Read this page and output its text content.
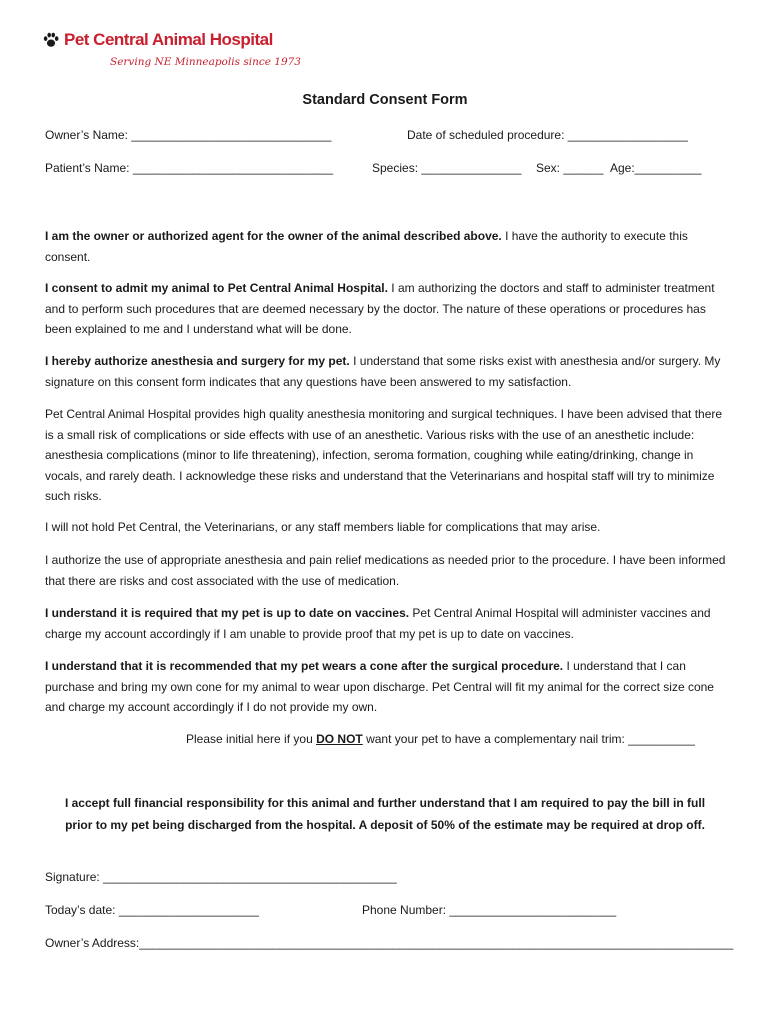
Pet Central Animal Hospital
Serving NE Minneapolis since 1973
Standard Consent Form
Owner’s Name: ______________________________	Date of scheduled procedure: __________________
Patient’s Name: ______________________________	Species: _______________ Sex: ______ Age:__________
I am the owner or authorized agent for the owner of the animal described above. I have the authority to execute this consent.
I consent to admit my animal to Pet Central Animal Hospital. I am authorizing the doctors and staff to administer treatment and to perform such procedures that are deemed necessary by the doctor. The nature of these operations or procedures has been explained to me and I understand what will be done.
I hereby authorize anesthesia and surgery for my pet. I understand that some risks exist with anesthesia and/or surgery. My signature on this consent form indicates that any questions have been answered to my satisfaction.
Pet Central Animal Hospital provides high quality anesthesia monitoring and surgical techniques. I have been advised that there is a small risk of complications or side effects with use of an anesthetic. Various risks with the use of an anesthetic include: anesthesia complications (minor to life threatening), infection, seroma formation, coughing while eating/drinking, change in vocals, and rarely death. I acknowledge these risks and understand that the Veterinarians and hospital staff will try to minimize such risks.
I will not hold Pet Central, the Veterinarians, or any staff members liable for complications that may arise.
I authorize the use of appropriate anesthesia and pain relief medications as needed prior to the procedure. I have been informed that there are risks and cost associated with the use of medication.
I understand it is required that my pet is up to date on vaccines. Pet Central Animal Hospital will administer vaccines and charge my account accordingly if I am unable to provide proof that my pet is up to date on vaccines.
I understand that it is recommended that my pet wears a cone after the surgical procedure. I understand that I can purchase and bring my own cone for my animal to wear upon discharge. Pet Central will fit my animal for the correct size cone and charge my account accordingly if I do not provide my own.
Please initial here if you DO NOT want your pet to have a complementary nail trim: __________
I accept full financial responsibility for this animal and further understand that I am required to pay the bill in full
prior to my pet being discharged from the hospital. A deposit of 50% of the estimate may be required at drop off.
Signature: ____________________________________________
Today’s date: _____________________	Phone Number: _________________________
Owner’s Address:_________________________________________________________________________________________
